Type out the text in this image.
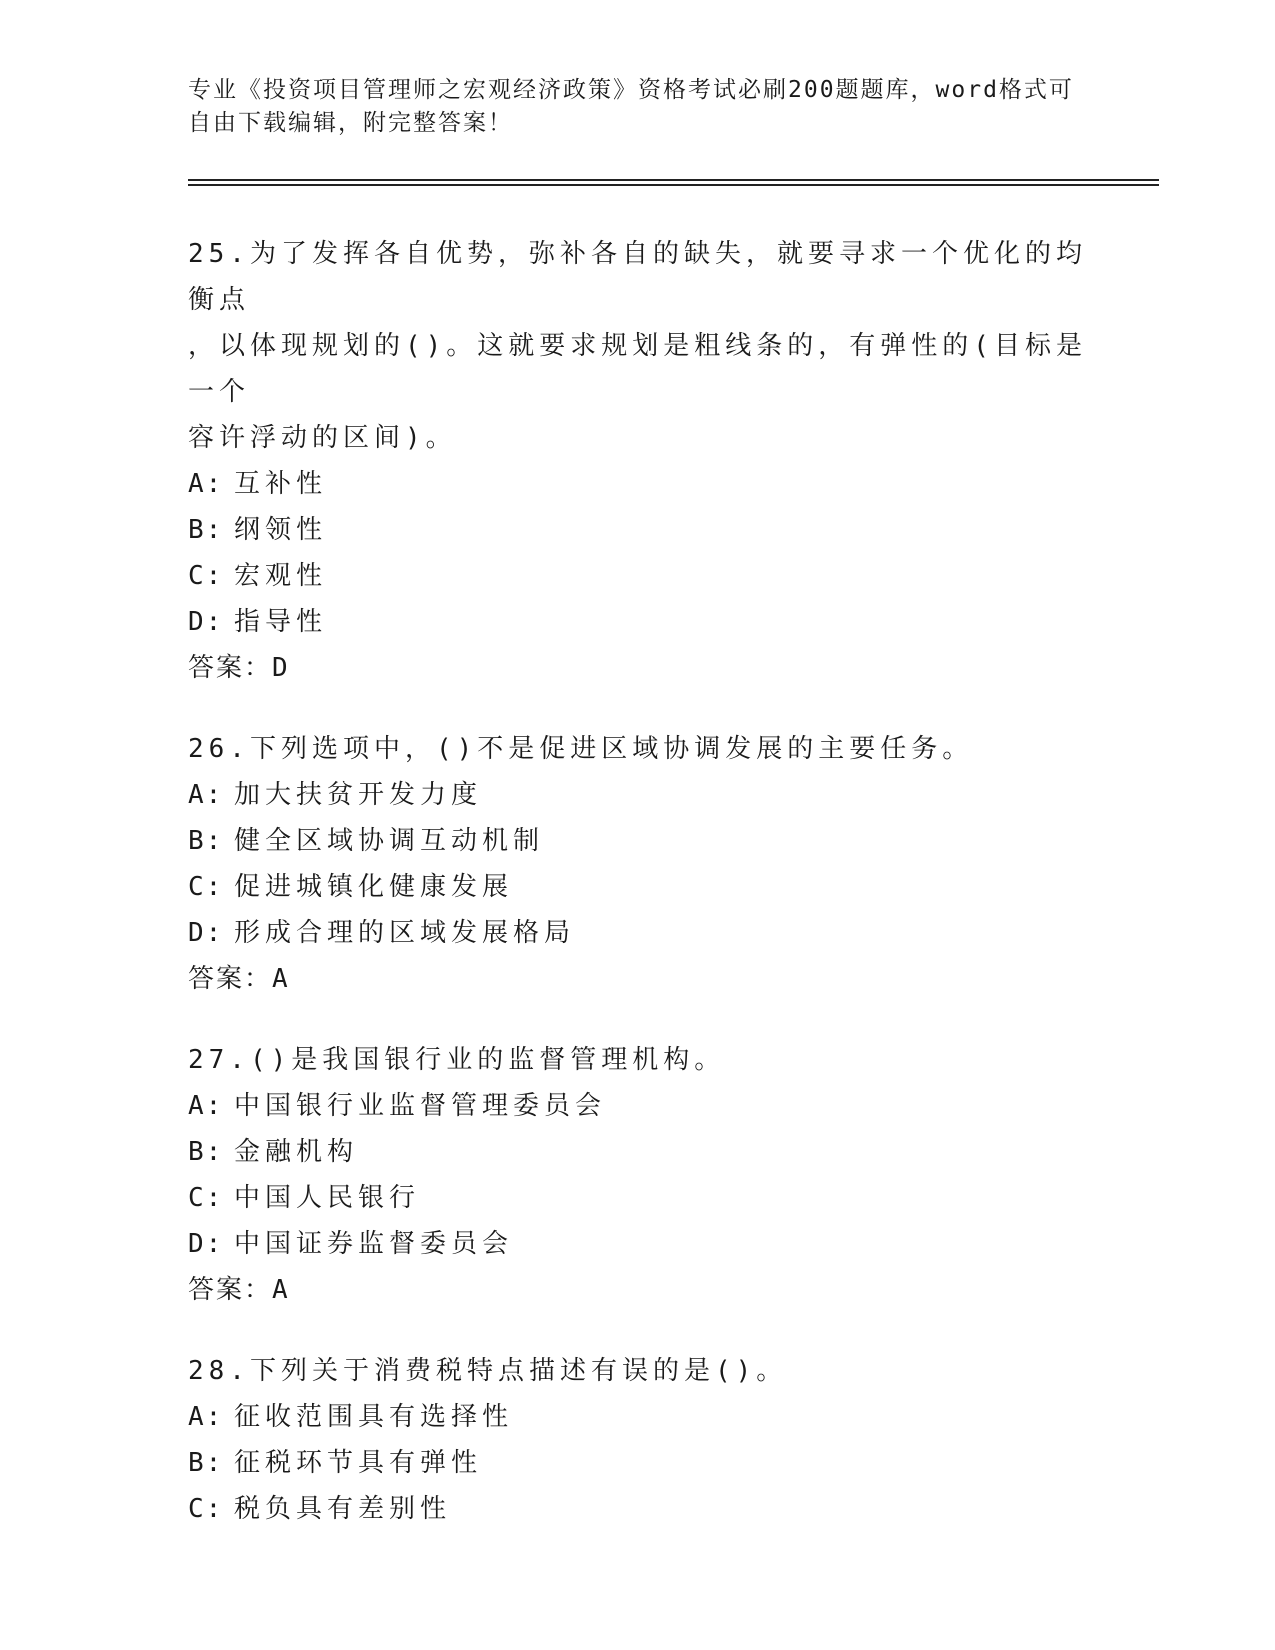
专业《投资项目管理师之宏观经济政策》资格考试必刷200题题库，word格式可

自由下载编辑，附完整答案！

25.为了发挥各自优势，弥补各自的缺失，就要寻求一个优化的均衡点

，以体现规划的()。这就要求规划是粗线条的，有弹性的(目标是一个

容许浮动的区间)。

A: 互补性

B: 纲领性

C: 宏观性

D: 指导性

答案：D

26.下列选项中，()不是促进区域协调发展的主要任务。

A: 加大扶贫开发力度

B: 健全区域协调互动机制

C: 促进城镇化健康发展

D: 形成合理的区域发展格局

答案：A

27.()是我国银行业的监督管理机构。

A: 中国银行业监督管理委员会

B: 金融机构

C: 中国人民银行

D: 中国证券监督委员会

答案：A

28.下列关于消费税特点描述有误的是()。

A: 征收范围具有选择性

B: 征税环节具有弹性

C: 税负具有差别性
